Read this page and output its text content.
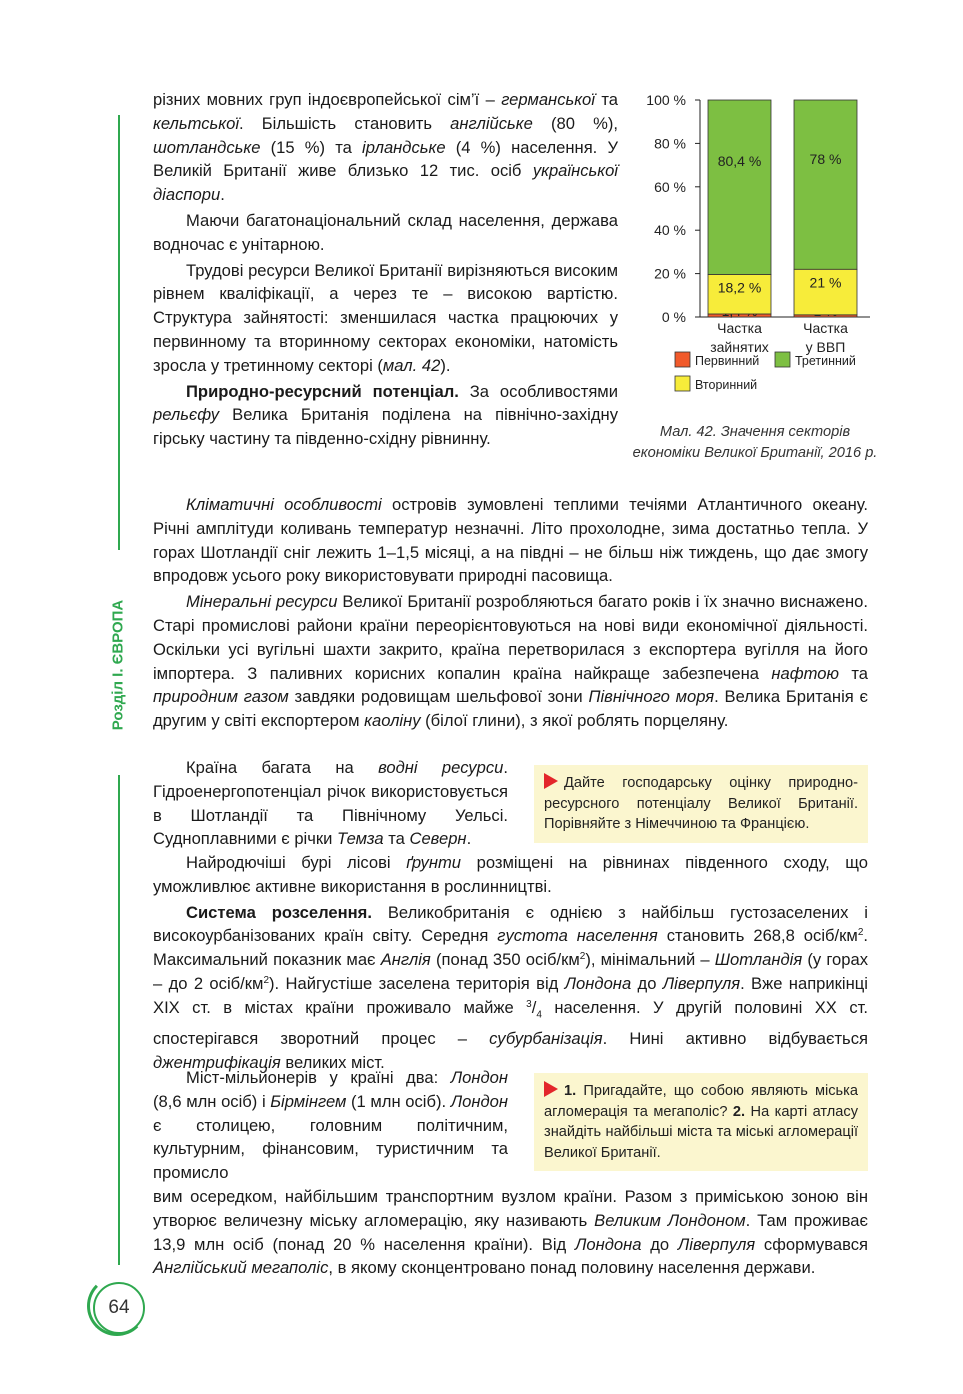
Розділ I. ЄВРОПА
64

різних мовних груп індоєвропейської сім’ї – германської та кельтської. Більшість становить англійське (80 %), шотландське (15 %) та ірландське (4 %) населення. У Великій Британії живе близько 12 тис. осіб української діаспори.

Маючи багатонаціональний склад населення, держава водночас є унітарною.

Трудові ресурси Великої Британії вирізняються високим рівнем кваліфікації, а через те – високою вартістю. Структура зайнятості: зменшилася частка працюючих у первинному та вторинному секторах економіки, натомість зросла у третинному секторі (мал. 42).

Природно-ресурсний потенціал. За особливостями рельєфу Велика Британія поділена на північно-західну гірську частину та південно-східну рівнинну.

0 %
20 %
40 %
60 %
80 %
100 %
18,2 %
80,4 %
21 %
78 %
Частка
зайнятих
Частка
у ВВП
Первинний	Третинний
Вторинний
Мал. 42. Значення секторів економіки Великої Британії, 2016 р.

Кліматичні особливості островів зумовлені теплими течіями Атлантичного океану. Річні амплітуди коливань температур незначні. Літо прохолодне, зима достатньо тепла. У горах Шотландії сніг лежить 1–1,5 місяці, а на півдні – не більш ніж тиждень, що дає змогу впродовж усього року використовувати природні пасовища.

Мінеральні ресурси Великої Британії розробляються багато років і їх значно виснажено. Старі промислові райони країни переорієнтовуються на нові види економічної діяльності. Оскільки усі вугільні шахти закрито, країна перетворилася з експортера вугілля на його імпортера. З паливних корисних копалин країна найкраще забезпечена нафтою та природним газом завдяки родовищам шельфової зони Північного моря. Велика Британія є другим у світі експортером каоліну (білої глини), з якої роблять порцеляну.

Країна багата на водні ресурси. Гідроенергопотенціал річок використовується в Шотландії та Північному Уельсі. Судноплавними є річки Темза та Северн.

Дайте господарську оцінку природно-ресурсного потенціалу Великої Британії. Порівняйте з Німеччиною та Францією.

Найродючіші бурі лісові ґрунти розміщені на рівнинах південного сходу, що уможливлює активне використання в рослинництві.

Система розселення. Великобританія є однією з найбільш густозаселених і високоурбанізованих країн світу. Середня густота населення становить 268,8 осіб/$км^2$. Максимальний показник має Англія (понад 350 осіб/$км^2$), мінімальний – Шотландія (у горах – до 2 осіб/$км^2$). Найгустіше заселена територія від Лондона до Ліверпуля. Вже наприкінці XIX ст. в містах країни проживало майже $^3/_4$ населення. У другій половині XX ст. спостерігався зворотний процес – субурбанізація. Нині активно відбувається джентрифікація великих міст.

Міст-мільйонерів у країні два: Лондон (8,6 млн осіб) і Бірмінгем (1 млн осіб). Лондон є столицею, головним політичним, культурним, фінансовим, туристичним та промисло

1. Пригадайте, що собою являють міська агломерація та мегаполіс? 2. На карті атласу знайдіть найбільші міста та міські агломерації Великої Британії.

вим осередком, найбільшим транспортним вузлом країни. Разом з приміською зоною він утворює величезну міську агломерацію, яку називають Великим Лондоном. Там проживає 13,9 млн осіб (понад 20 % населення країни). Від Лондона до Ліверпуля сформувався Англійський мегаполіс, в якому сконцентровано понад половину населення держави.
